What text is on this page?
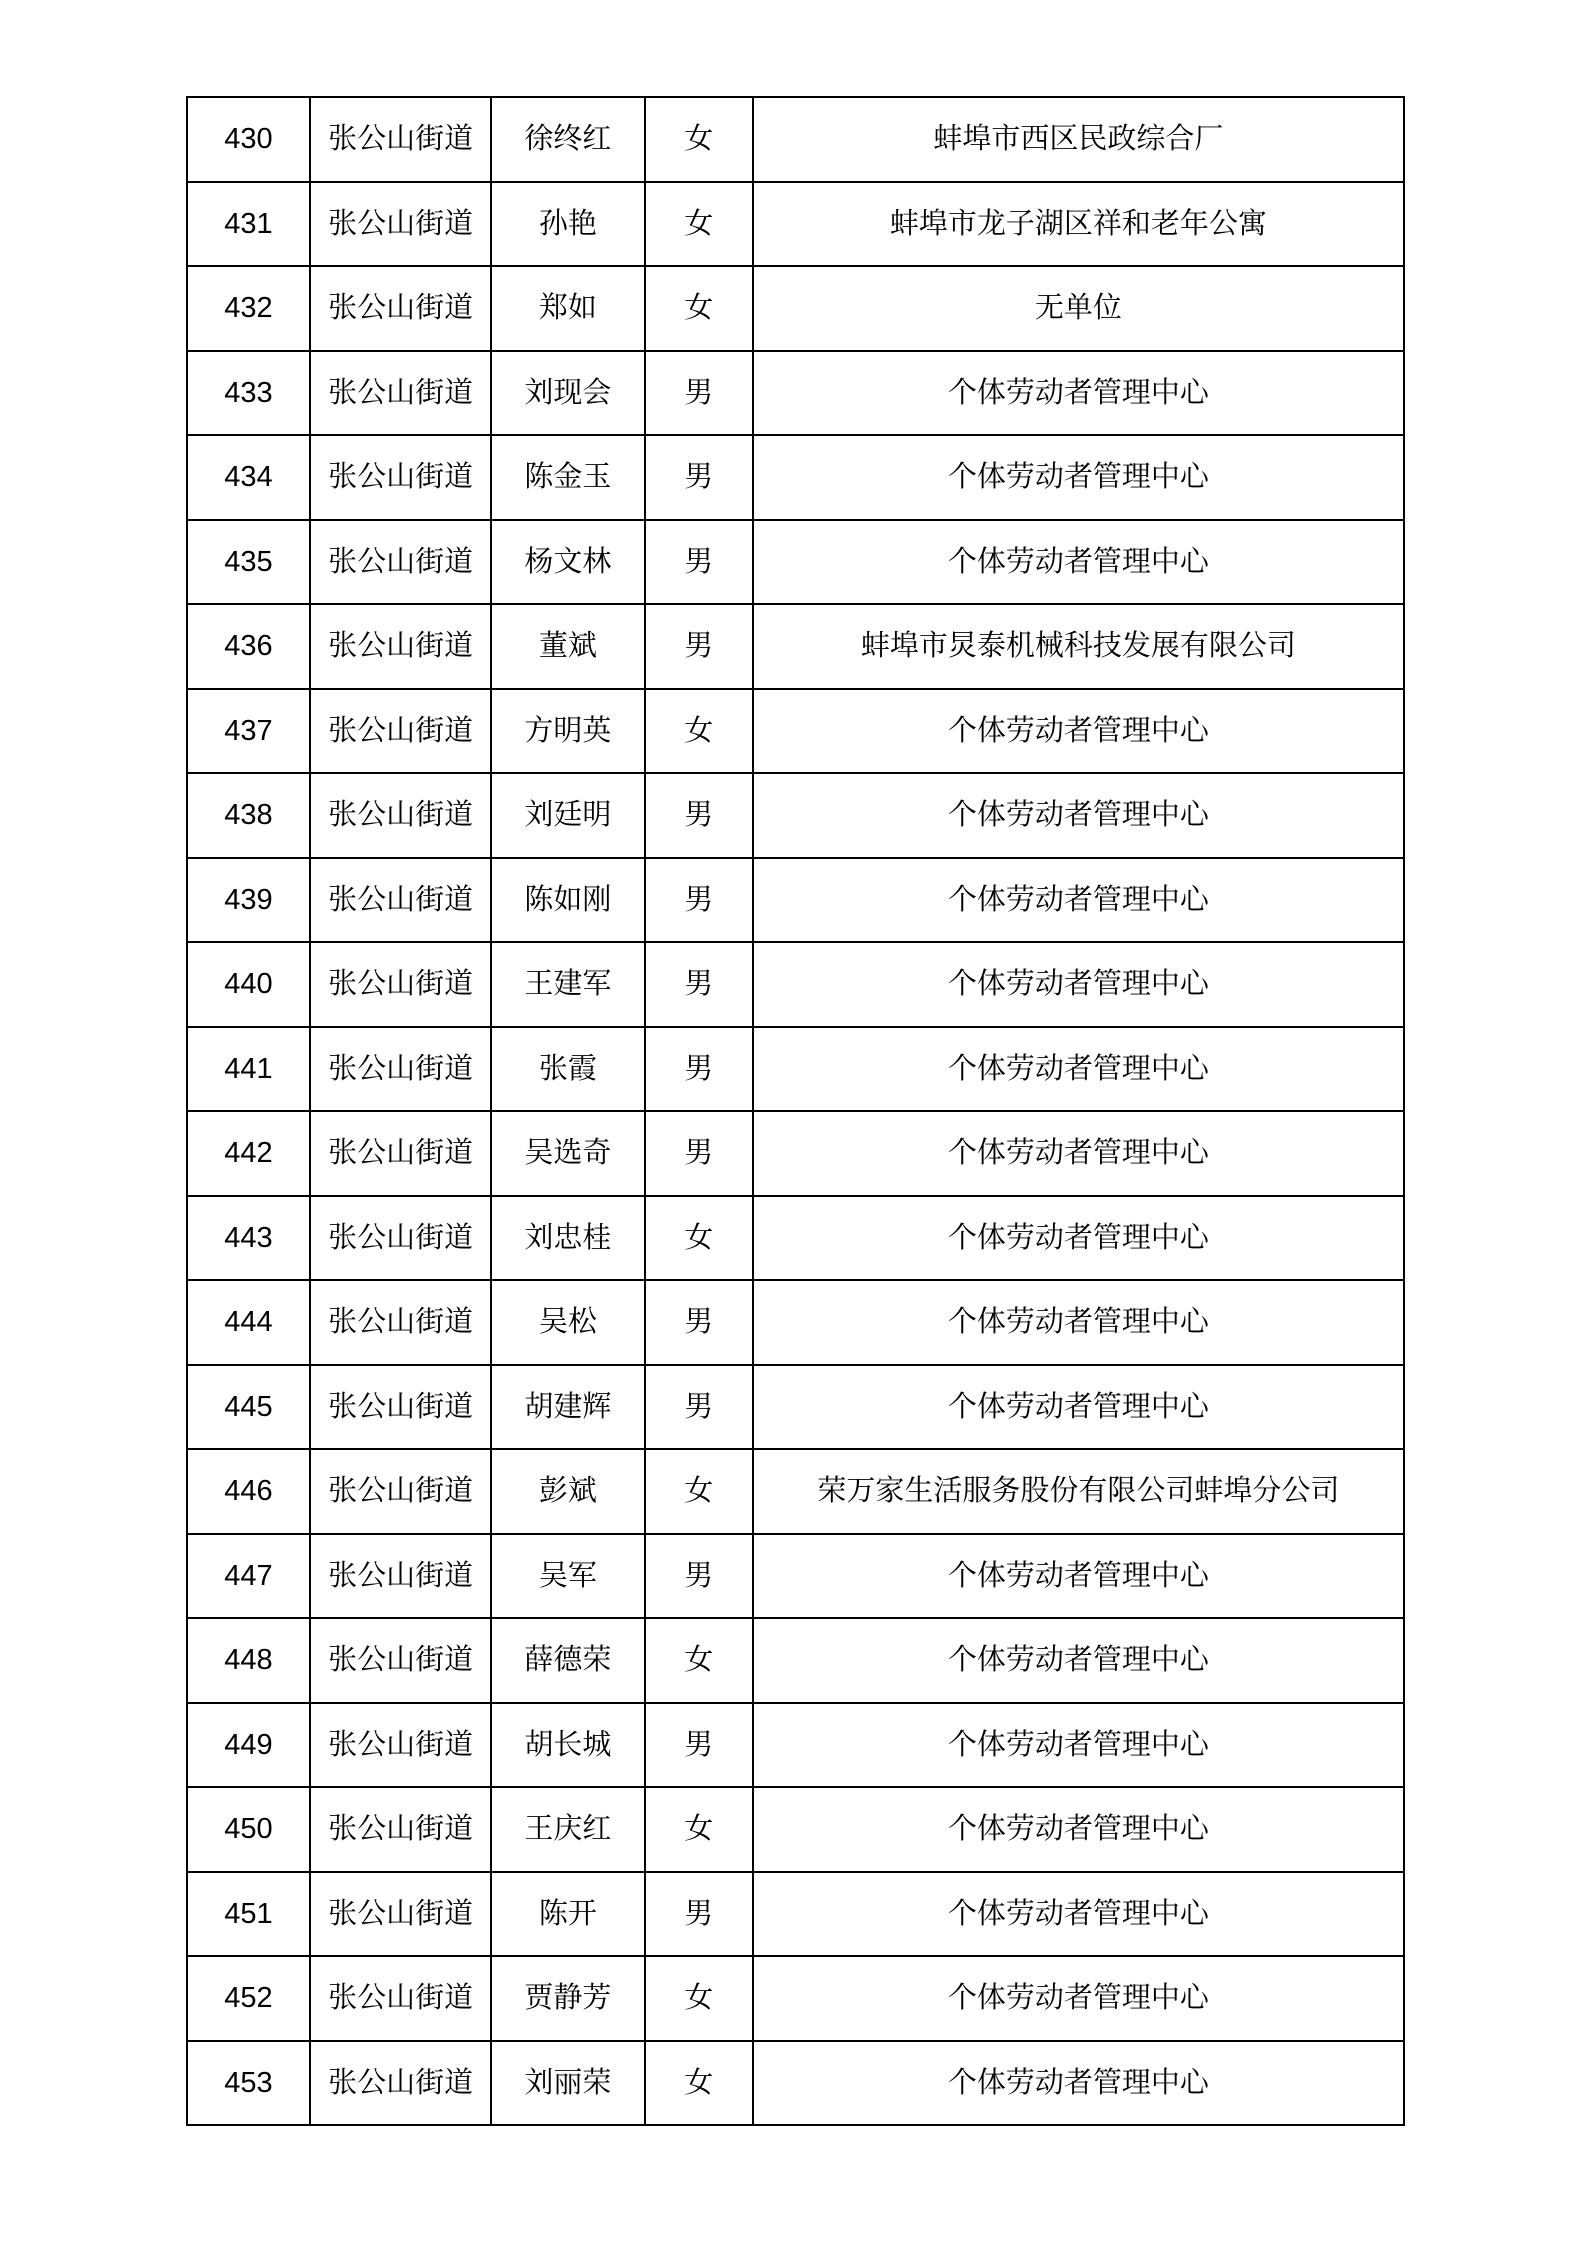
430	张公山街道	徐终红	女	蚌埠市西区民政综合厂
431	张公山街道	孙艳	女	蚌埠市龙子湖区祥和老年公寓
432	张公山街道	郑如	女	无单位
433	张公山街道	刘现会	男	个体劳动者管理中心
434	张公山街道	陈金玉	男	个体劳动者管理中心
435	张公山街道	杨文林	男	个体劳动者管理中心
436	张公山街道	董斌	男	蚌埠市炅泰机械科技发展有限公司
437	张公山街道	方明英	女	个体劳动者管理中心
438	张公山街道	刘廷明	男	个体劳动者管理中心
439	张公山街道	陈如刚	男	个体劳动者管理中心
440	张公山街道	王建军	男	个体劳动者管理中心
441	张公山街道	张霞	男	个体劳动者管理中心
442	张公山街道	吴选奇	男	个体劳动者管理中心
443	张公山街道	刘忠桂	女	个体劳动者管理中心
444	张公山街道	吴松	男	个体劳动者管理中心
445	张公山街道	胡建辉	男	个体劳动者管理中心
446	张公山街道	彭斌	女	荣万家生活服务股份有限公司蚌埠分公司
447	张公山街道	吴军	男	个体劳动者管理中心
448	张公山街道	薛德荣	女	个体劳动者管理中心
449	张公山街道	胡长城	男	个体劳动者管理中心
450	张公山街道	王庆红	女	个体劳动者管理中心
451	张公山街道	陈开	男	个体劳动者管理中心
452	张公山街道	贾静芳	女	个体劳动者管理中心
453	张公山街道	刘丽荣	女	个体劳动者管理中心
